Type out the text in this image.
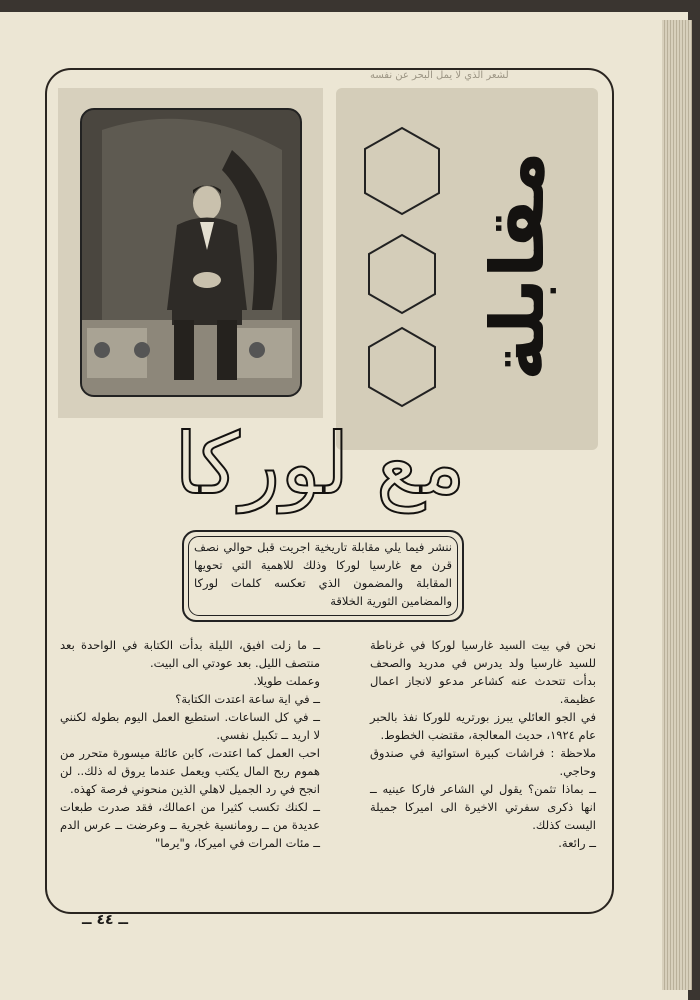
لشعر الذي لا يمل البحر عن نفسه
مقابلة
مع لوركا
ننشر فيما يلي مقابلة تاريخية اجريت قبل حوالي نصف قرن مع غارسيا لوركا وذلك للاهمية التي تحويها المقابلة والمضمون الذي تعكسه كلمات لوركا والمضامين الثورية الخلاقة

نحن في بيت السيد غارسيا لوركا في غرناطة للسيد غارسيا ولد يدرس في مدريد والصحف بدأت تتحدث عنه كشاعر مدعو لانجاز اعمال عظيمة.

في الجو العائلي يبرز بورتريه للوركا نفذ بالحبر عام ١٩٢٤، حديث المعالجة، مقتضب الخطوط.

ملاحظة : فراشات كبيرة استوائية في صندوق وحاجي.

ــ بماذا تثمن؟ يقول لي الشاعر فاركا عينيه ــ انها ذكرى سفرتي الاخيرة الى اميركا جميلة اليست كذلك.

ــ رائعة.

ــ ما زلت افيق، الليلة بدأت الكتابة في الواحدة بعد منتصف الليل. بعد عودتي الى البيت.

وعملت طويلا.

ــ في اية ساعة اعتدت الكتابة؟

ــ في كل الساعات. استطيع العمل اليوم بطوله لكنني لا اريد ــ تكبيل نفسي.

احب العمل كما اعتدت، كابن عائلة ميسورة متحرر من هموم ربح المال يكتب ويعمل عندما يروق له ذلك.. لن انجح في رد الجميل لاهلي الذين منحوني فرصة كهذه.

ــ لكنك تكسب كثيرا من اعمالك، فقد صدرت طبعات عديدة من ــ رومانسية غجرية ــ وعرضت ــ عرس الدم ــ مئات المرات في اميركا، و"يرما"

ــ ٤٤ ــ
